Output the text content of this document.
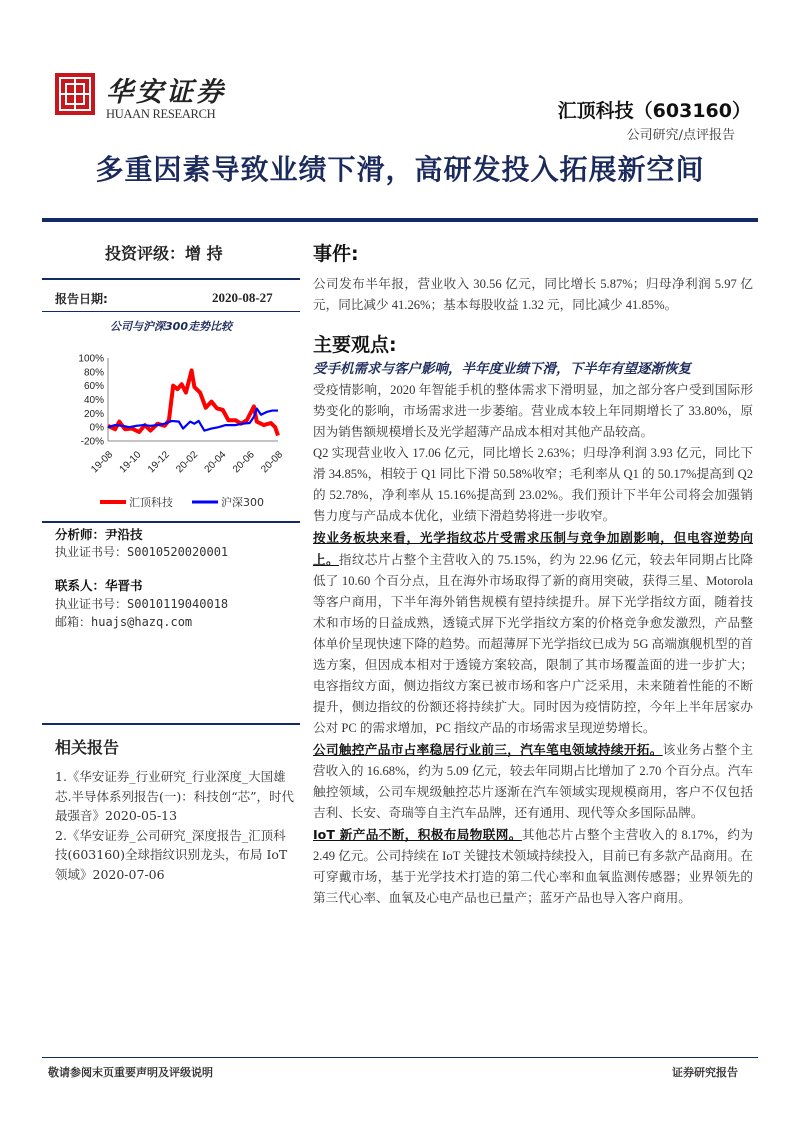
华安证券
HUAAN RESEARCH	汇顶科技（603160）
公司研究/点评报告
多重因素导致业绩下滑，高研发投入拓展新空间
投资评级：增 持
报告日期:	2020-08-27
公司与沪深300走势比较
100%
80%
60%
40%
20%
0%
-20%
19-08 19-10 19-12 20-02 20-04 20-06 20-08
汇顶科技	沪深300
分析师：尹沿技
执业证书号：S0010520020001
联系人：华晋书
执业证书号：S0010119040018
邮箱：huajs@hazq.com
相关报告
1.《华安证券_行业研究_行业深度_大国雄芯.半导体系列报告(一)：科技创“芯”，时代最强音》2020-05-13
2.《华安证券_公司研究_深度报告_汇顶科技(603160)全球指纹识别龙头，布局 IoT 领域》2020-07-06
事件:
公司发布半年报，营业收入 30.56 亿元，同比增长 5.87%；归母净利润 5.97 亿元，同比减少 41.26%；基本每股收益 1.32 元，同比减少 41.85%。
主要观点:
受手机需求与客户影响，半年度业绩下滑，下半年有望逐渐恢复
受疫情影响，2020 年智能手机的整体需求下滑明显，加之部分客户受到国际形势变化的影响，市场需求进一步萎缩。营业成本较上年同期增长了 33.80%，原因为销售额规模增长及光学超薄产品成本相对其他产品较高。
Q2 实现营业收入 17.06 亿元，同比增长 2.63%；归母净利润 3.93 亿元，同比下滑 34.85%，相较于 Q1 同比下滑 50.58%收窄；毛利率从 Q1 的 50.17%提高到 Q2 的 52.78%，净利率从 15.16%提高到 23.02%。我们预计下半年公司将会加强销售力度与产品成本优化，业绩下滑趋势将进一步收窄。
按业务板块来看，光学指纹芯片受需求压制与竞争加剧影响，但电容逆势向上。指纹芯片占整个主营收入的 75.15%，约为 22.96 亿元，较去年同期占比降低了 10.60 个百分点，且在海外市场取得了新的商用突破，获得三星、Motorola 等客户商用，下半年海外销售规模有望持续提升。屏下光学指纹方面，随着技术和市场的日益成熟，透镜式屏下光学指纹方案的价格竞争愈发激烈，产品整体单价呈现快速下降的趋势。而超薄屏下光学指纹已成为 5G 高端旗舰机型的首选方案，但因成本相对于透镜方案较高，限制了其市场覆盖面的进一步扩大；电容指纹方面，侧边指纹方案已被市场和客户广泛采用，未来随着性能的不断提升，侧边指纹的份额还将持续扩大。同时因为疫情防控，今年上半年居家办公对 PC 的需求增加，PC 指纹产品的市场需求呈现逆势增长。
公司触控产品市占率稳居行业前三，汽车笔电领域持续开拓。该业务占整个主营收入的 16.68%，约为 5.09 亿元，较去年同期占比增加了 2.70 个百分点。汽车触控领域，公司车规级触控芯片逐渐在汽车领域实现规模商用，客户不仅包括吉利、长安、奇瑞等自主汽车品牌，还有通用、现代等众多国际品牌。
IoT 新产品不断，积极布局物联网。其他芯片占整个主营收入的 8.17%，约为 2.49 亿元。公司持续在 IoT 关键技术领域持续投入，目前已有多款产品商用。在可穿戴市场，基于光学技术打造的第二代心率和血氧监测传感器；业界领先的第三代心率、血氧及心电产品也已量产；蓝牙产品也导入客户商用。
敬请参阅末页重要声明及评级说明	证券研究报告
